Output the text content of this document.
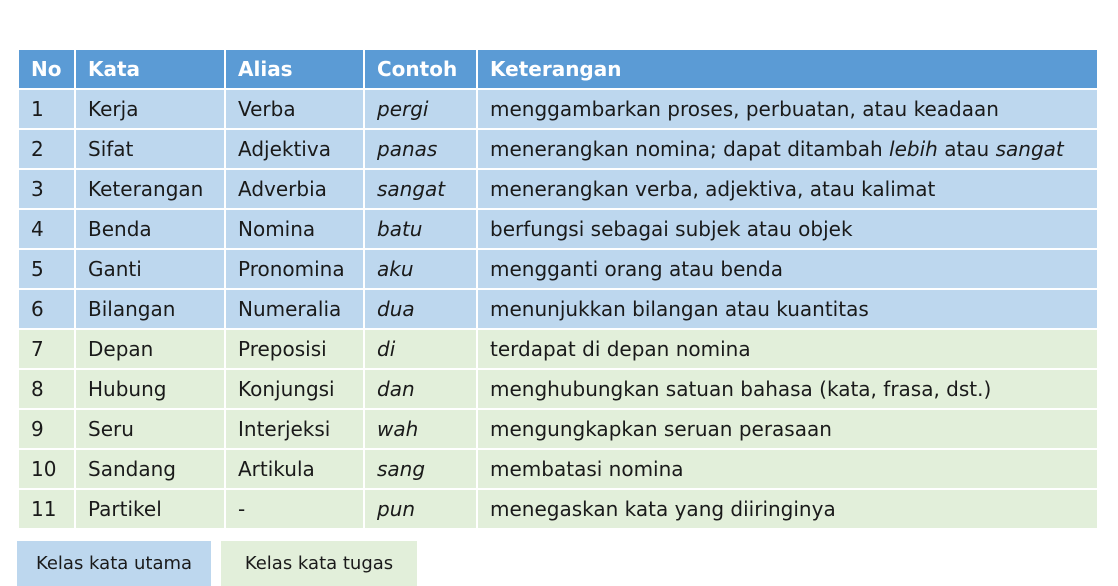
No	Kata	Alias	Contoh	Keterangan
1	Kerja	Verba	pergi	menggambarkan proses, perbuatan, atau keadaan
2	Sifat	Adjektiva	panas	menerangkan nomina; dapat ditambah lebih atau sangat
3	Keterangan	Adverbia	sangat	menerangkan verba, adjektiva, atau kalimat
4	Benda	Nomina	batu	berfungsi sebagai subjek atau objek
5	Ganti	Pronomina	aku	mengganti orang atau benda
6	Bilangan	Numeralia	dua	menunjukkan bilangan atau kuantitas
7	Depan	Preposisi	di	terdapat di depan nomina
8	Hubung	Konjungsi	dan	menghubungkan satuan bahasa (kata, frasa, dst.)
9	Seru	Interjeksi	wah	mengungkapkan seruan perasaan
10	Sandang	Artikula	sang	membatasi nomina
11	Partikel	-	pun	menegaskan kata yang diiringinya
Kelas kata utama	Kelas kata tugas
